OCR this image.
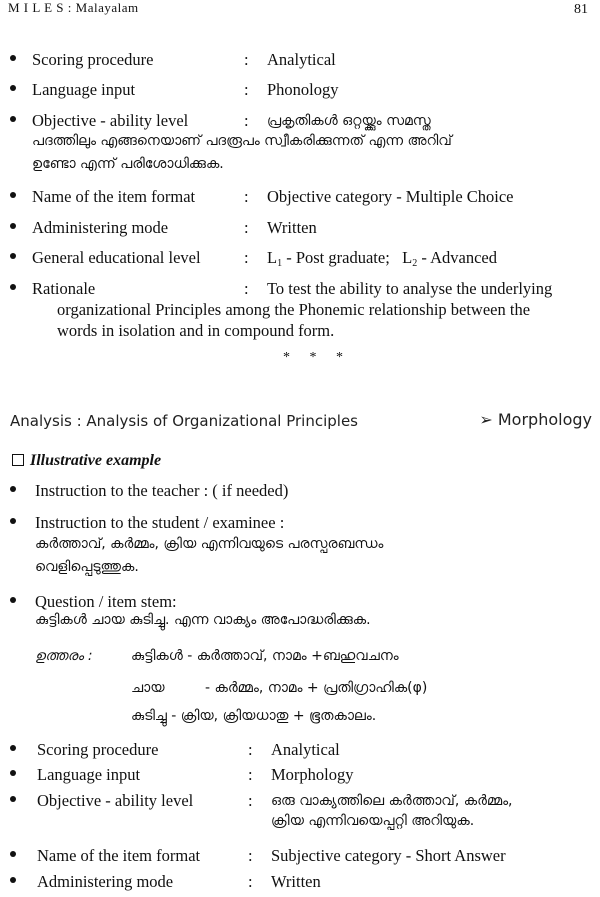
M I L E S : Malayalam	81
Scoring procedure	: Analytical
Language input	: Phonology
Objective - ability level	: പ്രകൃതികൾ ഒറ്റയ്ക്കും സമസ്ത
പദത്തിലും എങ്ങനെയാണ് പദരൂപം സ്വീകരിക്കുന്നത് എന്ന അറിവ്
ഉണ്ടോ എന്ന് പരിശോധിക്കുക.
Name of the item format	: Objective category - Multiple Choice
Administering mode	: Written
General educational level	: $L_1$ - Post graduate; $L_2$ - Advanced
Rationale	: To test the ability to analyse the underlying
organizational Principles among the Phonemic relationship between the
words in isolation and in compound form.
* * *
Analysis : Analysis of Organizational Principles	➢ Morphology
Illustrative example
Instruction to the teacher : ( if needed)
Instruction to the student / examinee :
കർത്താവ്, കർമ്മം, ക്രിയ എന്നിവയുടെ പരസ്പരബന്ധം
വെളിപ്പെടുത്തുക.
Question / item stem:
കുട്ടികൾ ചായ കുടിച്ചു. എന്ന വാക്യം അപോദ്ധരിക്കുക.
ഉത്തരം :	കുട്ടികൾ - കർത്താവ്, നാമം +ബഹുവചനം
ചായ	- കർമ്മം, നാമം + പ്രതിഗ്രാഹിക(φ)
കുടിച്ചു - ക്രിയ, ക്രിയധാതു + ഭൂതകാലം.
Scoring procedure	: Analytical
Language input	: Morphology
Objective - ability level	: ഒരു വാക്യത്തിലെ കർത്താവ്, കർമ്മം,
ക്രിയ എന്നിവയെപ്പറ്റി അറിയുക.
Name of the item format	: Subjective category - Short Answer
Administering mode	: Written
